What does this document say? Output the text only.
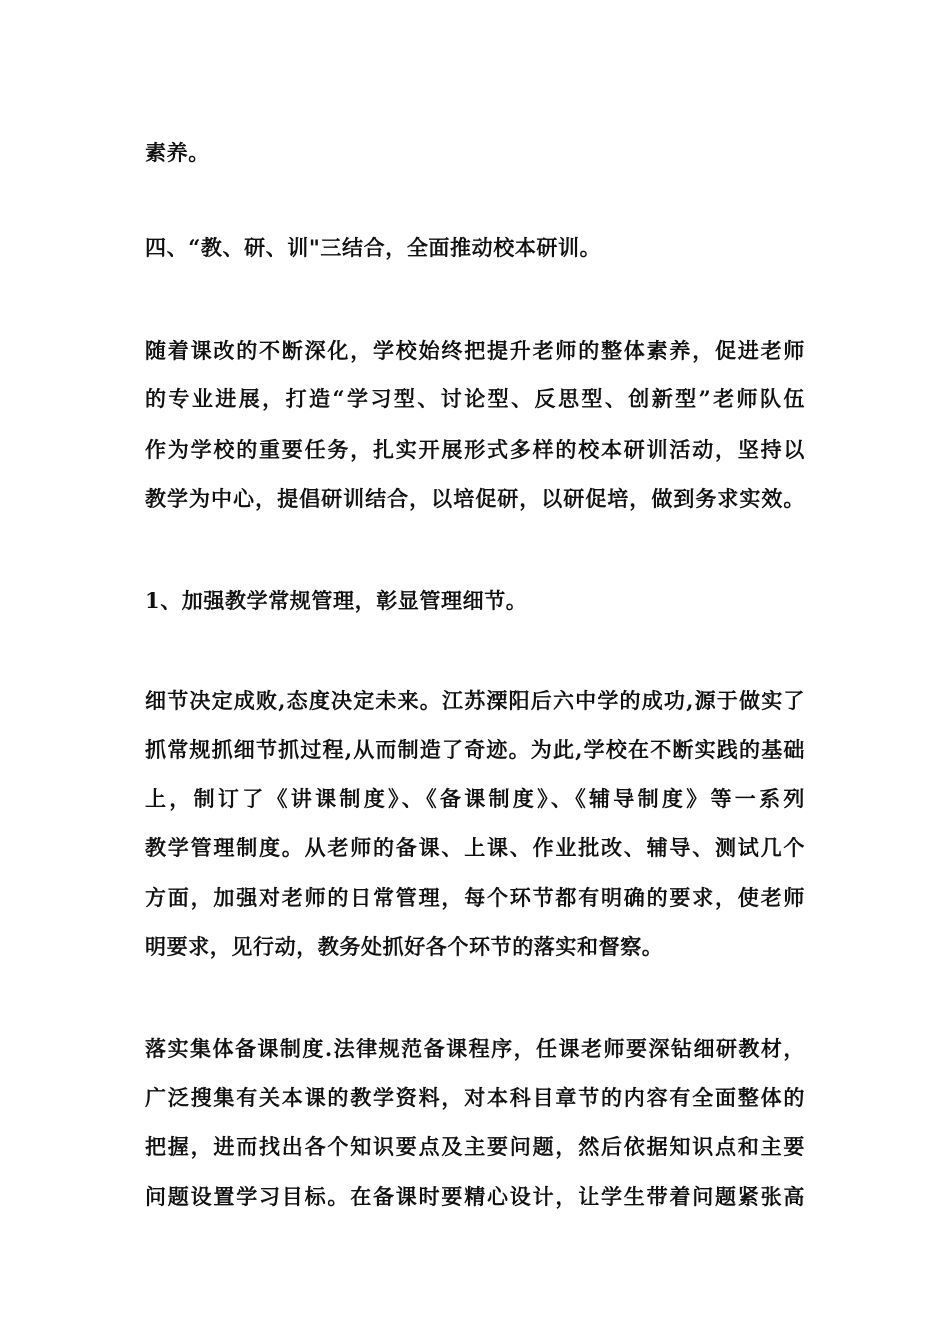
素养。
四、“教、研、训"三结合，全面推动校本研训。
随着课改的不断深化，学校始终把提升老师的整体素养，促进老师
的专业进展，打造“学习型、讨论型、反思型、创新型”老师队伍
作为学校的重要任务，扎实开展形式多样的校本研训活动，坚持以
教学为中心，提倡研训结合，以培促研，以研促培，做到务求实效。
1、加强教学常规管理，彰显管理细节。
细节决定成败,态度决定未来。江苏溧阳后六中学的成功,源于做实了
抓常规抓细节抓过程,从而制造了奇迹。为此,学校在不断实践的基础
上，制订了《讲课制度》、《备课制度》、《辅导制度》等一系列
教学管理制度。从老师的备课、上课、作业批改、辅导、测试几个
方面，加强对老师的日常管理，每个环节都有明确的要求，使老师
明要求，见行动，教务处抓好各个环节的落实和督察。
落实集体备课制度.法律规范备课程序，任课老师要深钻细研教材，
广泛搜集有关本课的教学资料，对本科目章节的内容有全面整体的
把握，进而找出各个知识要点及主要问题，然后依据知识点和主要
问题设置学习目标。在备课时要精心设计，让学生带着问题紧张高
